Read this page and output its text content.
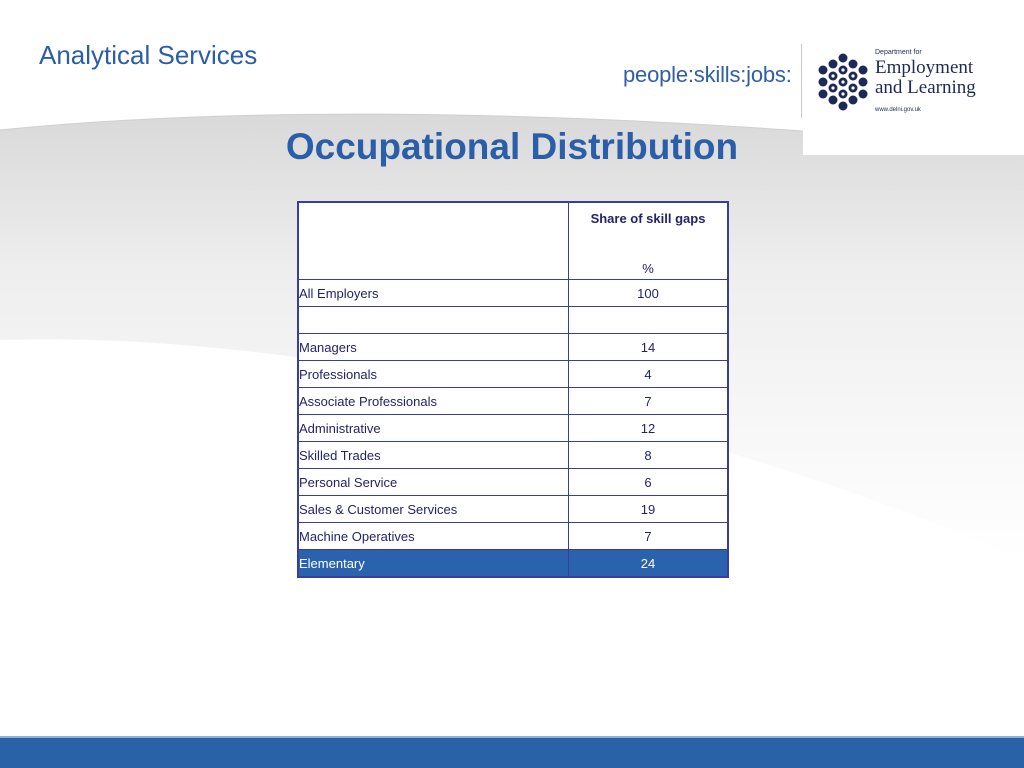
Analytical Services
people:skills:jobs:
Department for
Employment
and Learning
www.delni.gov.uk
Occupational Distribution

	Share of skill gaps
%

All Employers	100

Managers	14
Professionals	4
Associate Professionals	7
Administrative	12
Skilled Trades	8
Personal Service	6
Sales & Customer Services	19
Machine Operatives	7
Elementary	24
